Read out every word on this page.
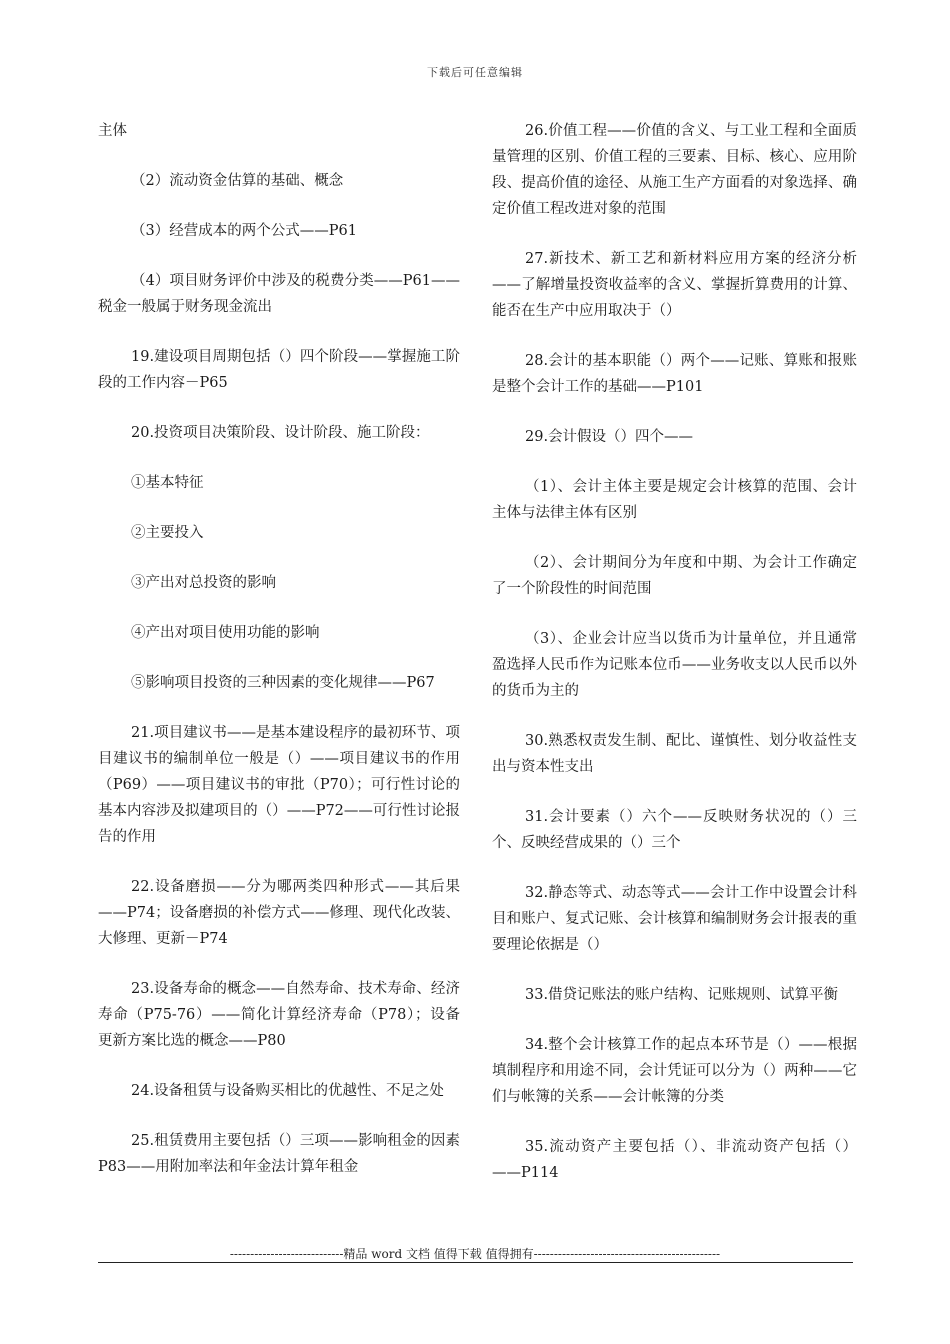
下载后可任意编辑

主体

（2）流动资金估算的基础、概念

（3）经营成本的两个公式——P61

（4）项目财务评价中涉及的税费分类——P61——税金一般属于财务现金流出

19.建设项目周期包括（）四个阶段——掌握施工阶段的工作内容－P65

20.投资项目决策阶段、设计阶段、施工阶段：

①基本特征

②主要投入

③产出对总投资的影响

④产出对项目使用功能的影响

⑤影响项目投资的三种因素的变化规律——P67

21.项目建议书——是基本建设程序的最初环节、项目建议书的编制单位一般是（）——项目建议书的作用（P69）——项目建议书的审批（P70）；可行性讨论的基本内容涉及拟建项目的（）——P72——可行性讨论报告的作用

22.设备磨损——分为哪两类四种形式——其后果——P74；设备磨损的补偿方式——修理、现代化改装、大修理、更新－P74

23.设备寿命的概念——自然寿命、技术寿命、经济寿命（P75-76）——简化计算经济寿命（P78）；设备更新方案比选的概念——P80

24.设备租赁与设备购买相比的优越性、不足之处

25.租赁费用主要包括（）三项——影响租金的因素 P83——用附加率法和年金法计算年租金

26.价值工程——价值的含义、与工业工程和全面质量管理的区别、价值工程的三要素、目标、核心、应用阶段、提高价值的途径、从施工生产方面看的对象选择、确定价值工程改进对象的范围

27.新技术、新工艺和新材料应用方案的经济分析——了解增量投资收益率的含义、掌握折算费用的计算、能否在生产中应用取决于（）

28.会计的基本职能（）两个——记账、算账和报账是整个会计工作的基础——P101

29.会计假设（）四个——

（1）、会计主体主要是规定会计核算的范围、会计主体与法律主体有区别

（2）、会计期间分为年度和中期、为会计工作确定了一个阶段性的时间范围

（3）、企业会计应当以货币为计量单位，并且通常盈选择人民币作为记账本位币——业务收支以人民币以外的货币为主的

30.熟悉权责发生制、配比、谨慎性、划分收益性支出与资本性支出

31.会计要素（）六个——反映财务状况的（）三个、反映经营成果的（）三个

32.静态等式、动态等式——会计工作中设置会计科目和账户、复式记账、会计核算和编制财务会计报表的重要理论依据是（）

33.借贷记账法的账户结构、记账规则、试算平衡

34.整个会计核算工作的起点本环节是（）——根据填制程序和用途不同，会计凭证可以分为（）两种——它们与帐簿的关系——会计帐簿的分类

35.流动资产主要包括（）、非流动资产包括（）——P114

----------------------------精品 word 文档 值得下载 值得拥有----------------------------------------------
